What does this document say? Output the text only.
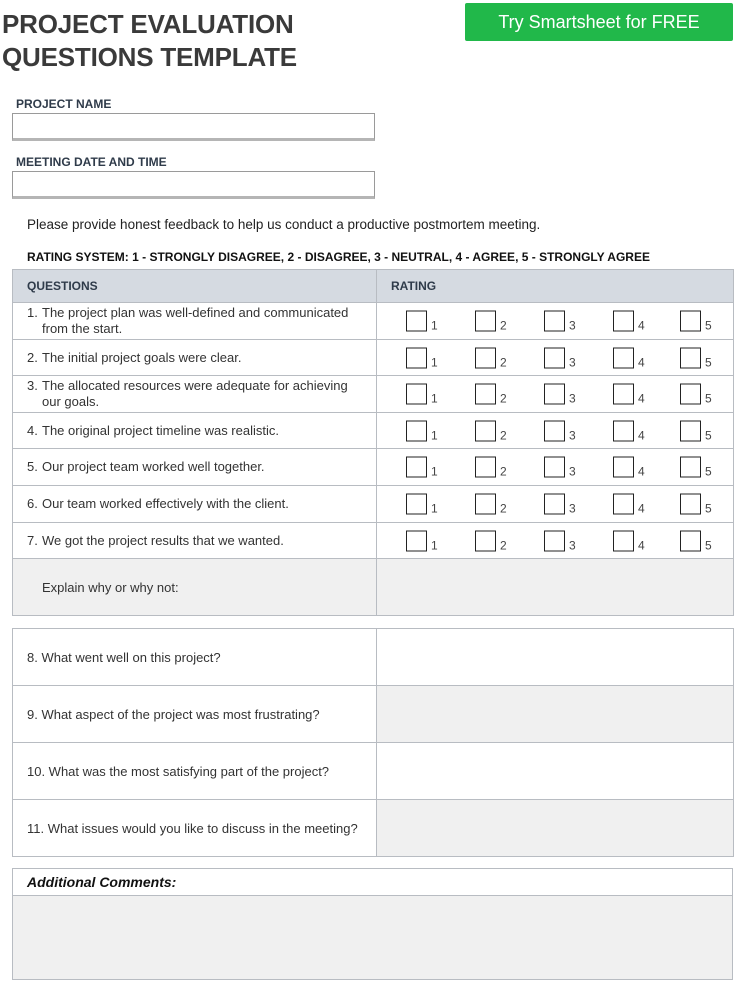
PROJECT EVALUATION
QUESTIONS TEMPLATE
Try Smartsheet for FREE
PROJECT NAME
MEETING DATE AND TIME
Please provide honest feedback to help us conduct a productive postmortem meeting.
RATING SYSTEM: 1 - STRONGLY DISAGREE, 2 - DISAGREE, 3 - NEUTRAL, 4 - AGREE, 5 - STRONGLY AGREE
QUESTIONS	RATING

1. The project plan was well-defined and communicated from the start.	1 2 3 4 5

2. The initial project goals were clear.	1 2 3 4 5

3. The allocated resources were adequate for achieving our goals.	1 2 3 4 5

4. The original project timeline was realistic.	1 2 3 4 5

5. Our project team worked well together.	1 2 3 4 5

6. Our team worked effectively with the client.	1 2 3 4 5

7. We got the project results that we wanted.	1 2 3 4 5

Explain why or why not:	
8. What went well on this project?	
9. What aspect of the project was most frustrating?	
10. What was the most satisfying part of the project?	
11. What issues would you like to discuss in the meeting?	
Additional Comments:
